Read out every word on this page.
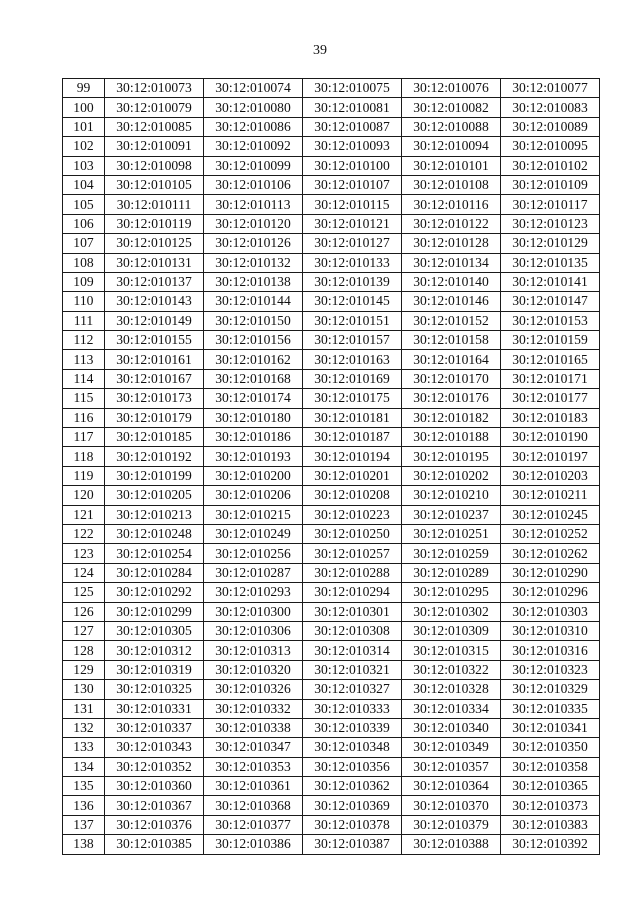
39
99	30:12:010073	30:12:010074	30:12:010075	30:12:010076	30:12:010077
100	30:12:010079	30:12:010080	30:12:010081	30:12:010082	30:12:010083
101	30:12:010085	30:12:010086	30:12:010087	30:12:010088	30:12:010089
102	30:12:010091	30:12:010092	30:12:010093	30:12:010094	30:12:010095
103	30:12:010098	30:12:010099	30:12:010100	30:12:010101	30:12:010102
104	30:12:010105	30:12:010106	30:12:010107	30:12:010108	30:12:010109
105	30:12:010111	30:12:010113	30:12:010115	30:12:010116	30:12:010117
106	30:12:010119	30:12:010120	30:12:010121	30:12:010122	30:12:010123
107	30:12:010125	30:12:010126	30:12:010127	30:12:010128	30:12:010129
108	30:12:010131	30:12:010132	30:12:010133	30:12:010134	30:12:010135
109	30:12:010137	30:12:010138	30:12:010139	30:12:010140	30:12:010141
110	30:12:010143	30:12:010144	30:12:010145	30:12:010146	30:12:010147
111	30:12:010149	30:12:010150	30:12:010151	30:12:010152	30:12:010153
112	30:12:010155	30:12:010156	30:12:010157	30:12:010158	30:12:010159
113	30:12:010161	30:12:010162	30:12:010163	30:12:010164	30:12:010165
114	30:12:010167	30:12:010168	30:12:010169	30:12:010170	30:12:010171
115	30:12:010173	30:12:010174	30:12:010175	30:12:010176	30:12:010177
116	30:12:010179	30:12:010180	30:12:010181	30:12:010182	30:12:010183
117	30:12:010185	30:12:010186	30:12:010187	30:12:010188	30:12:010190
118	30:12:010192	30:12:010193	30:12:010194	30:12:010195	30:12:010197
119	30:12:010199	30:12:010200	30:12:010201	30:12:010202	30:12:010203
120	30:12:010205	30:12:010206	30:12:010208	30:12:010210	30:12:010211
121	30:12:010213	30:12:010215	30:12:010223	30:12:010237	30:12:010245
122	30:12:010248	30:12:010249	30:12:010250	30:12:010251	30:12:010252
123	30:12:010254	30:12:010256	30:12:010257	30:12:010259	30:12:010262
124	30:12:010284	30:12:010287	30:12:010288	30:12:010289	30:12:010290
125	30:12:010292	30:12:010293	30:12:010294	30:12:010295	30:12:010296
126	30:12:010299	30:12:010300	30:12:010301	30:12:010302	30:12:010303
127	30:12:010305	30:12:010306	30:12:010308	30:12:010309	30:12:010310
128	30:12:010312	30:12:010313	30:12:010314	30:12:010315	30:12:010316
129	30:12:010319	30:12:010320	30:12:010321	30:12:010322	30:12:010323
130	30:12:010325	30:12:010326	30:12:010327	30:12:010328	30:12:010329
131	30:12:010331	30:12:010332	30:12:010333	30:12:010334	30:12:010335
132	30:12:010337	30:12:010338	30:12:010339	30:12:010340	30:12:010341
133	30:12:010343	30:12:010347	30:12:010348	30:12:010349	30:12:010350
134	30:12:010352	30:12:010353	30:12:010356	30:12:010357	30:12:010358
135	30:12:010360	30:12:010361	30:12:010362	30:12:010364	30:12:010365
136	30:12:010367	30:12:010368	30:12:010369	30:12:010370	30:12:010373
137	30:12:010376	30:12:010377	30:12:010378	30:12:010379	30:12:010383
138	30:12:010385	30:12:010386	30:12:010387	30:12:010388	30:12:010392
